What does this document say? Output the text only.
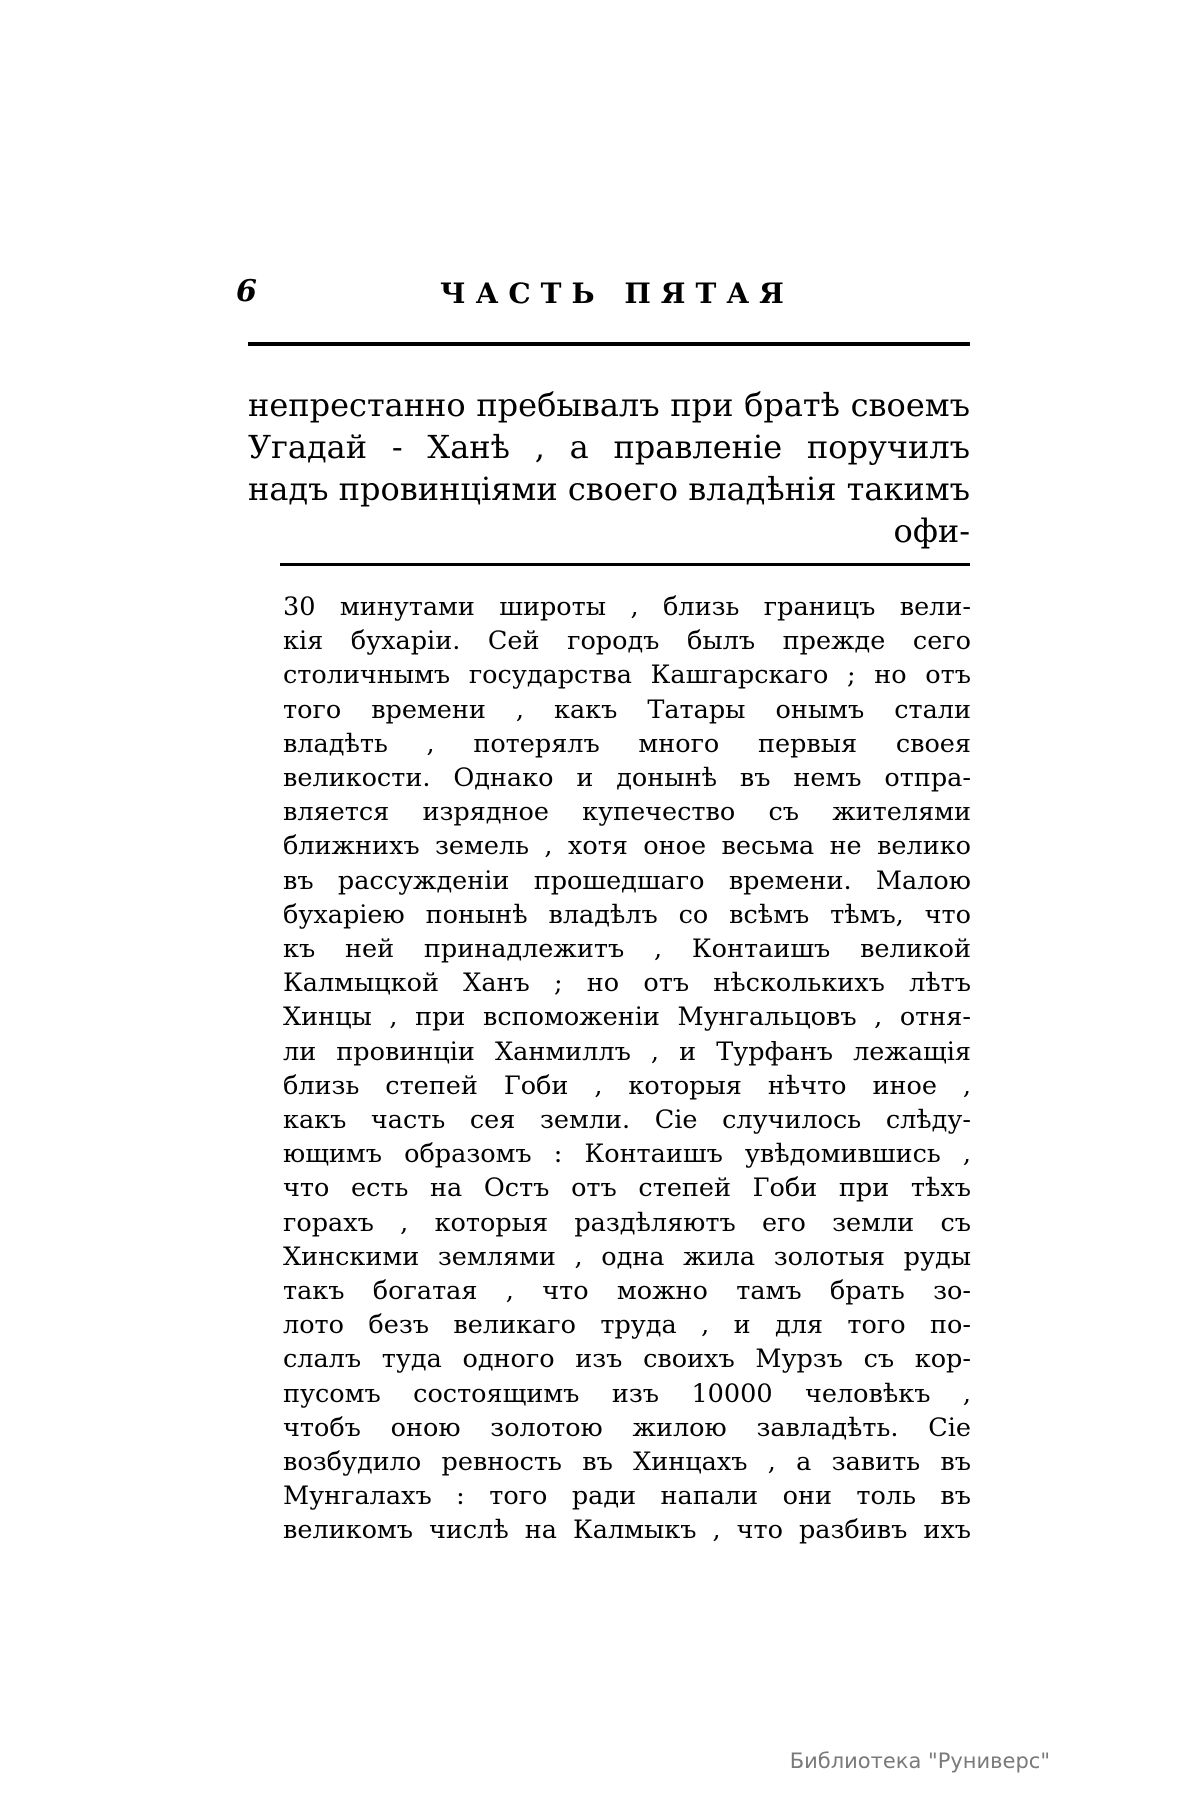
6	ЧАСТЬ ПЯТАЯ
непрестанно пребывалъ при братѣ своемъ
Угадай - Ханѣ , а правленіе поручилъ
надъ провинціями своего владѣнія такимъ
офи-
30 минутами широты , близь границъ вели-
кія бухаріи. Сей городъ былъ прежде сего
столичнымъ государства Кашгарскаго ; но отъ
того времени , какъ Татары онымъ стали
владѣть , потерялъ много первыя своея
великости. Однако и донынѣ въ немъ отпра-
вляется изрядное купечество съ жителями
ближнихъ земель , хотя оное весьма не велико
въ рассужденіи прошедшаго времени. Малою
бухаріею понынѣ владѣлъ со всѣмъ тѣмъ, что
къ ней принадлежитъ , Контаишъ великой
Калмыцкой Ханъ ; но отъ нѣсколькихъ лѣтъ
Хинцы , при вспоможеніи Мунгальцовъ , отня-
ли провинціи Ханмиллъ , и Турфанъ лежащія
близь степей Гоби , которыя нѣчто иное ,
какъ часть сея земли. Сіе случилось слѣду-
ющимъ образомъ : Контаишъ увѣдомившись ,
что есть на Остъ отъ степей Гоби при тѣхъ
горахъ , которыя раздѣляютъ его земли съ
Хинскими землями , одна жила золотыя руды
такъ богатая , что можно тамъ брать зо-
лото безъ великаго труда , и для того по-
слалъ туда одного изъ своихъ Мурзъ съ кор-
пусомъ состоящимъ изъ 10000 человѣкъ ,
чтобъ оною золотою жилою завладѣть. Сіе
возбудило ревность въ Хинцахъ , а завить въ
Мунгалахъ : того ради напали они толь въ
великомъ числѣ на Калмыкъ , что разбивъ ихъ
Библиотека "Руниверс"
